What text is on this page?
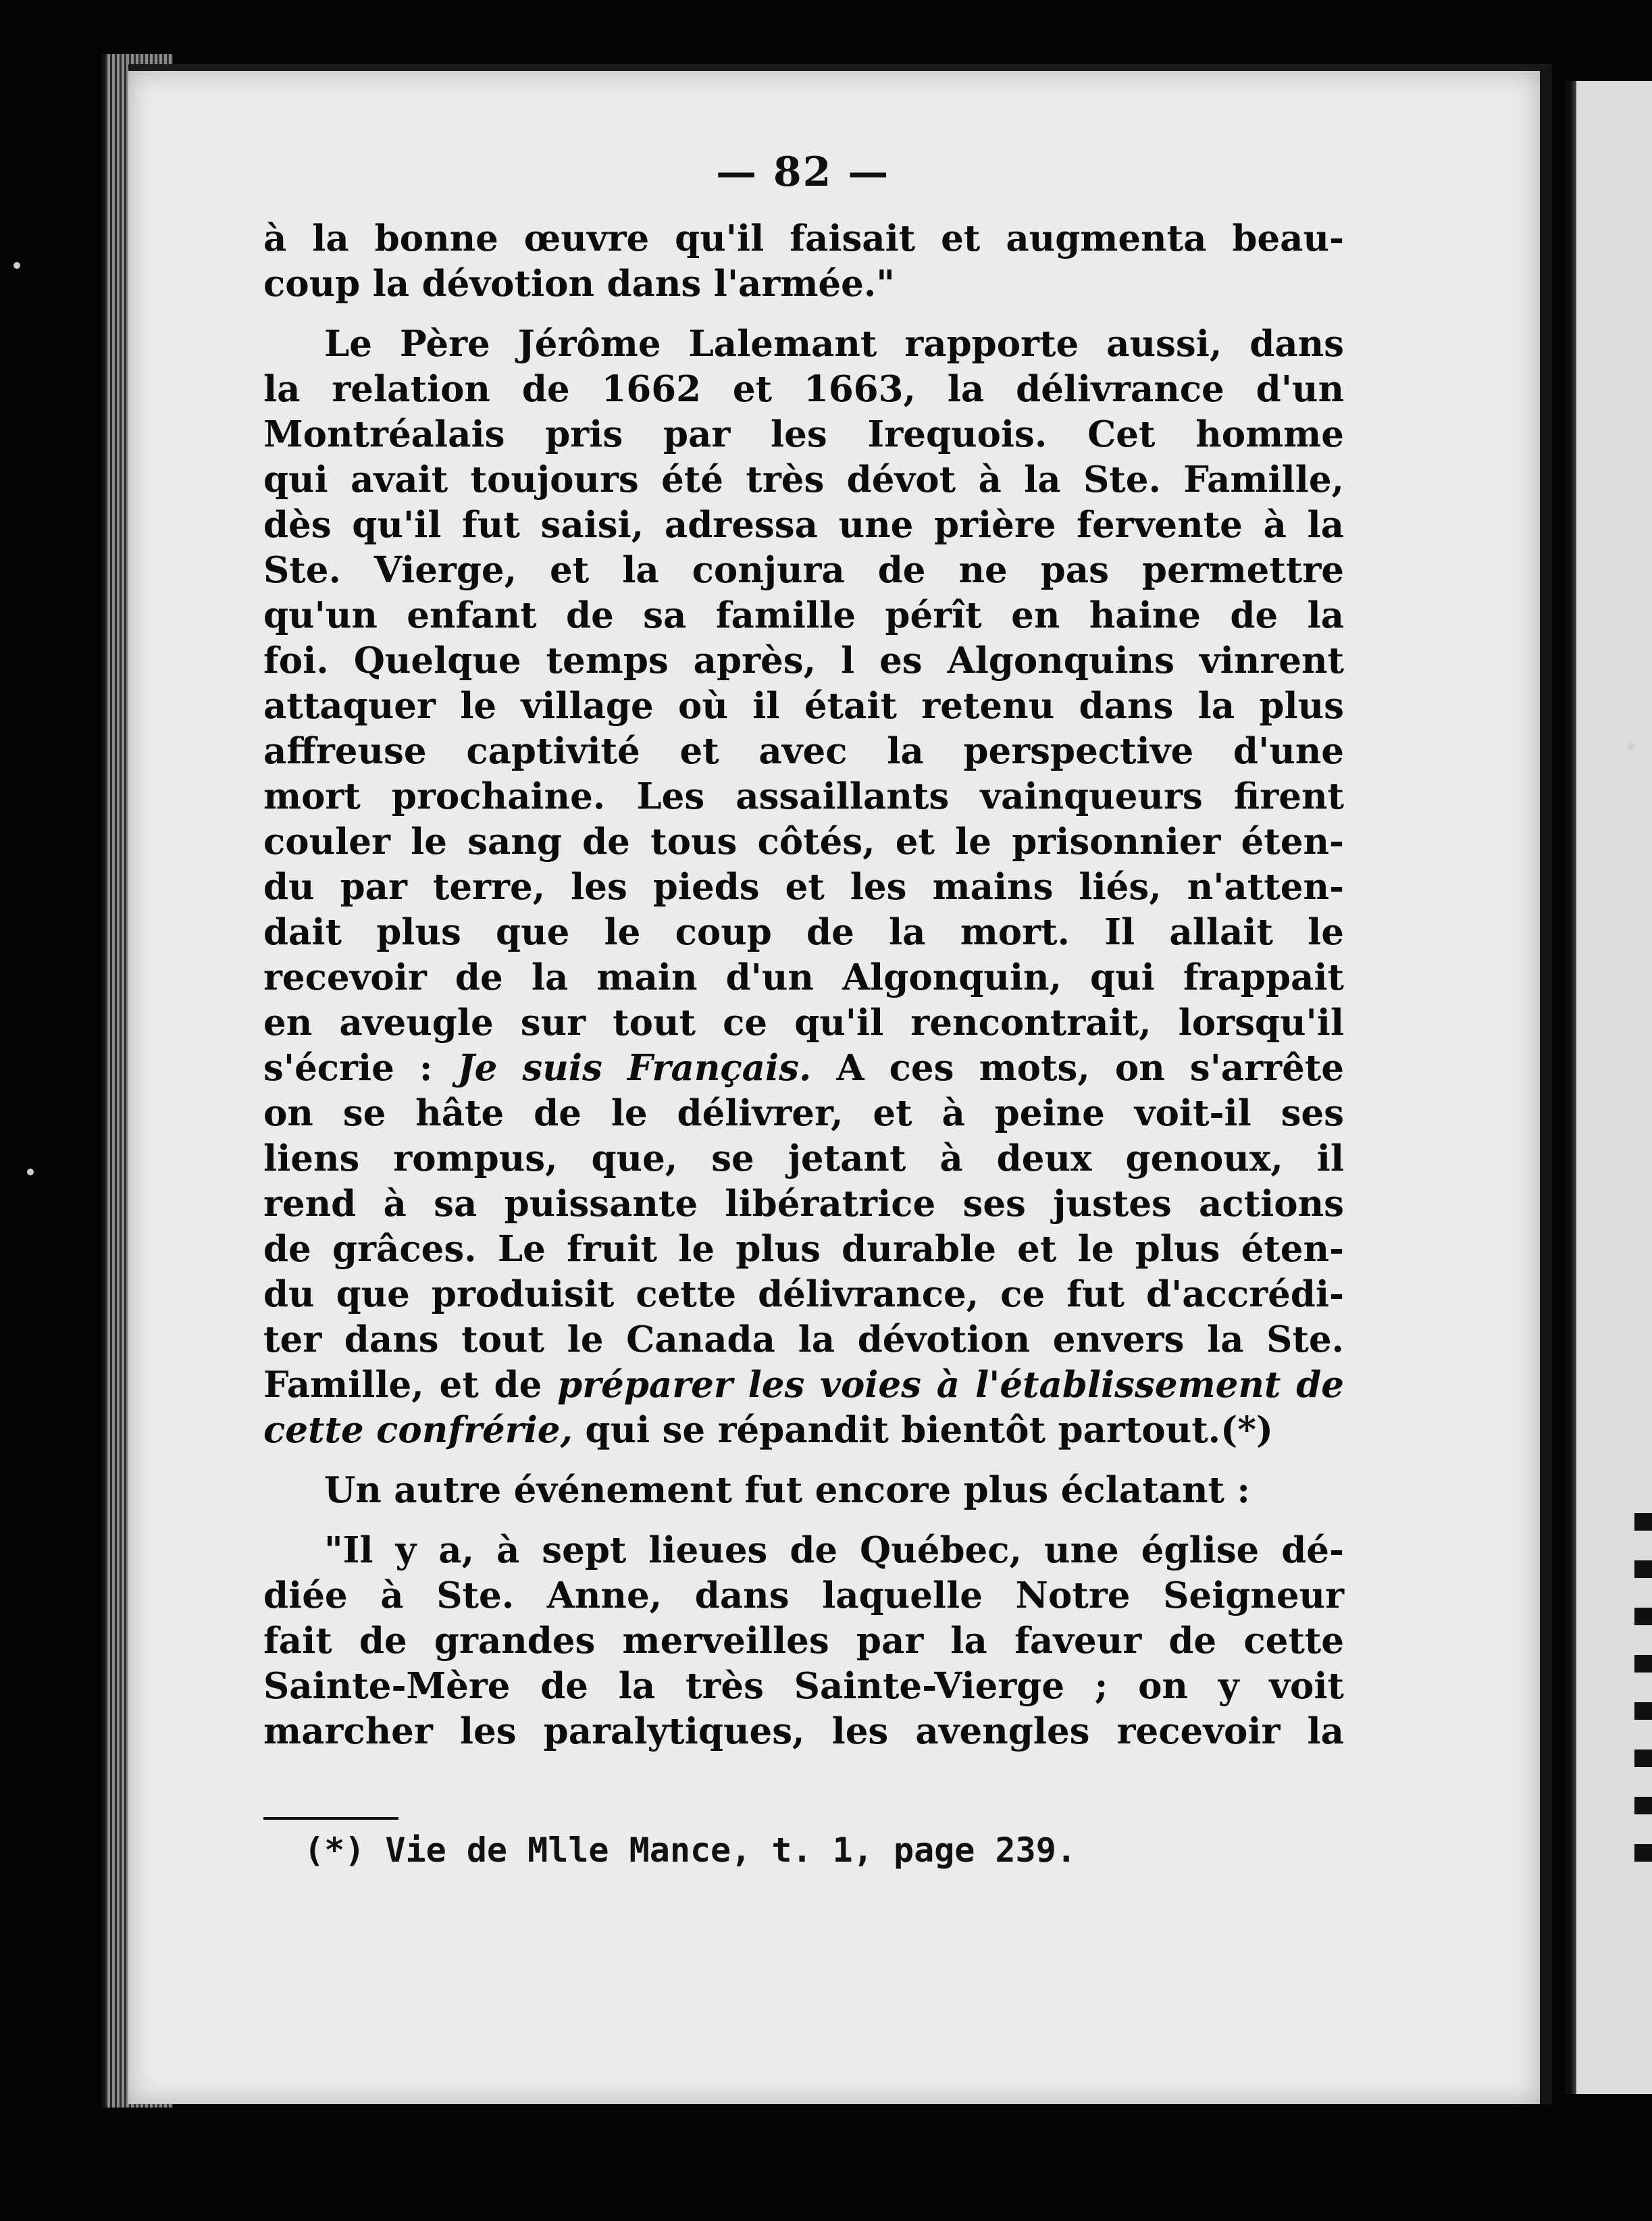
— 82 —
à la bonne œuvre qu'il faisait et augmenta beau-
coup la dévotion dans l'armée."
Le Père Jérôme Lalemant rapporte aussi, dans
la relation de 1662 et 1663, la délivrance d'un
Montréalais pris par les Irequois. Cet homme
qui avait toujours été très dévot à la Ste. Famille,
dès qu'il fut saisi, adressa une prière fervente à la
Ste. Vierge, et la conjura de ne pas permettre
qu'un enfant de sa famille pérît en haine de la
foi. Quelque temps après, l es Algonquins vinrent
attaquer le village où il était retenu dans la plus
affreuse captivité et avec la perspective d'une
mort prochaine. Les assaillants vainqueurs firent
couler le sang de tous côtés, et le prisonnier éten-
du par terre, les pieds et les mains liés, n'atten-
dait plus que le coup de la mort. Il allait le
recevoir de la main d'un Algonquin, qui frappait
en aveugle sur tout ce qu'il rencontrait, lorsqu'il
s'écrie : Je suis Français. A ces mots, on s'arrête
on se hâte de le délivrer, et à peine voit-il ses
liens rompus, que, se jetant à deux genoux, il
rend à sa puissante libératrice ses justes actions
de grâces. Le fruit le plus durable et le plus éten-
du que produisit cette délivrance, ce fut d'accrédi-
ter dans tout le Canada la dévotion envers la Ste.
Famille, et de préparer les voies à l'établissement de
cette confrérie, qui se répandit bientôt partout.(*)
Un autre événement fut encore plus éclatant :
"Il y a, à sept lieues de Québec, une église dé-
diée à Ste. Anne, dans laquelle Notre Seigneur
fait de grandes merveilles par la faveur de cette
Sainte-Mère de la très Sainte-Vierge ; on y voit
marcher les paralytiques, les avengles recevoir la
(*) Vie de Mlle Mance, t. 1, page 239.
